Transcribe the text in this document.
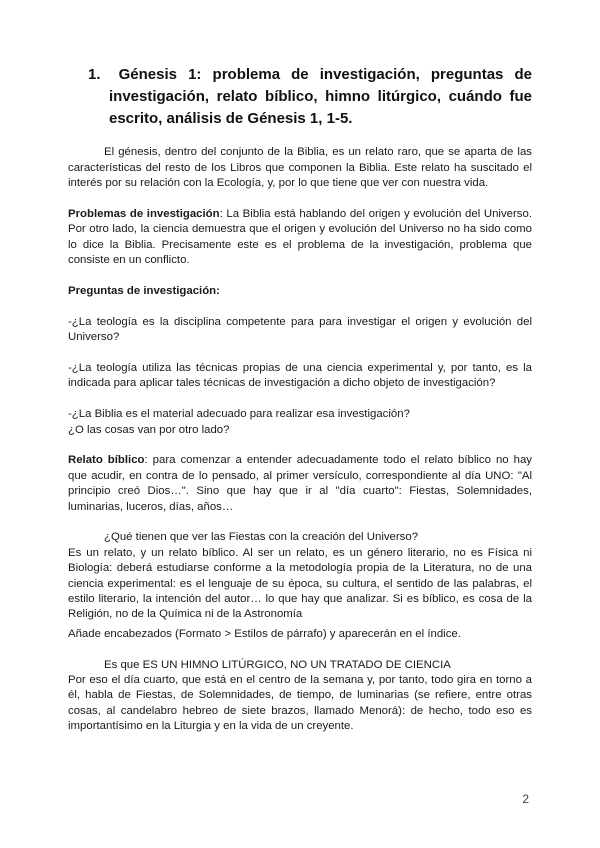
1. Génesis 1: problema de investigación, preguntas de investigación, relato bíblico, himno litúrgico, cuándo fue escrito, análisis de Génesis 1, 1-5.

El génesis, dentro del conjunto de la Biblia, es un relato raro, que se aparta de las características del resto de los Libros que componen la Biblia. Este relato ha suscitado el interés por su relación con la Ecología, y, por lo que tiene que ver con nuestra vida.

Problemas de investigación: La Biblia está hablando del origen y evolución del Universo. Por otro lado, la ciencia demuestra que el origen y evolución del Universo no ha sido como lo dice la Biblia. Precisamente este es el problema de la investigación, problema que consiste en un conflicto.

Preguntas de investigación:

-¿La teología es la disciplina competente para para investigar el origen y evolución del Universo?

-¿La teología utiliza las técnicas propias de una ciencia experimental y, por tanto, es la indicada para aplicar tales técnicas de investigación a dicho objeto de investigación?

-¿La Biblia es el material adecuado para realizar esa investigación?
¿O las cosas van por otro lado?

Relato bíblico: para comenzar a entender adecuadamente todo el relato bíblico no hay que acudir, en contra de lo pensado, al primer versículo, correspondiente al día UNO: "Al principio creó Dios…". Sino que hay que ir al "día cuarto": Fiestas, Solemnidades, luminarias, luceros, días, años…

¿Qué tienen que ver las Fiestas con la creación del Universo?
Es un relato, y un relato bíblico. Al ser un relato, es un género literario, no es Física ni Biología: deberá estudiarse conforme a la metodología propia de la Literatura, no de una ciencia experimental: es el lenguaje de su época, su cultura, el sentido de las palabras, el estilo literario, la intención del autor… lo que hay que analizar. Si es bíblico, es cosa de la Religión, no de la Química ni de la Astronomía

Añade encabezados (Formato > Estilos de párrafo) y aparecerán en el índice.

Es que ES UN HIMNO LITÚRGICO, NO UN TRATADO DE CIENCIA
Por eso el día cuarto, que está en el centro de la semana y, por tanto, todo gira en torno a él, habla de Fiestas, de Solemnidades, de tiempo, de luminarias (se refiere, entre otras cosas, al candelabro hebreo de siete brazos, llamado Menorá): de hecho, todo eso es importantísimo en la Liturgia y en la vida de un creyente.

2
